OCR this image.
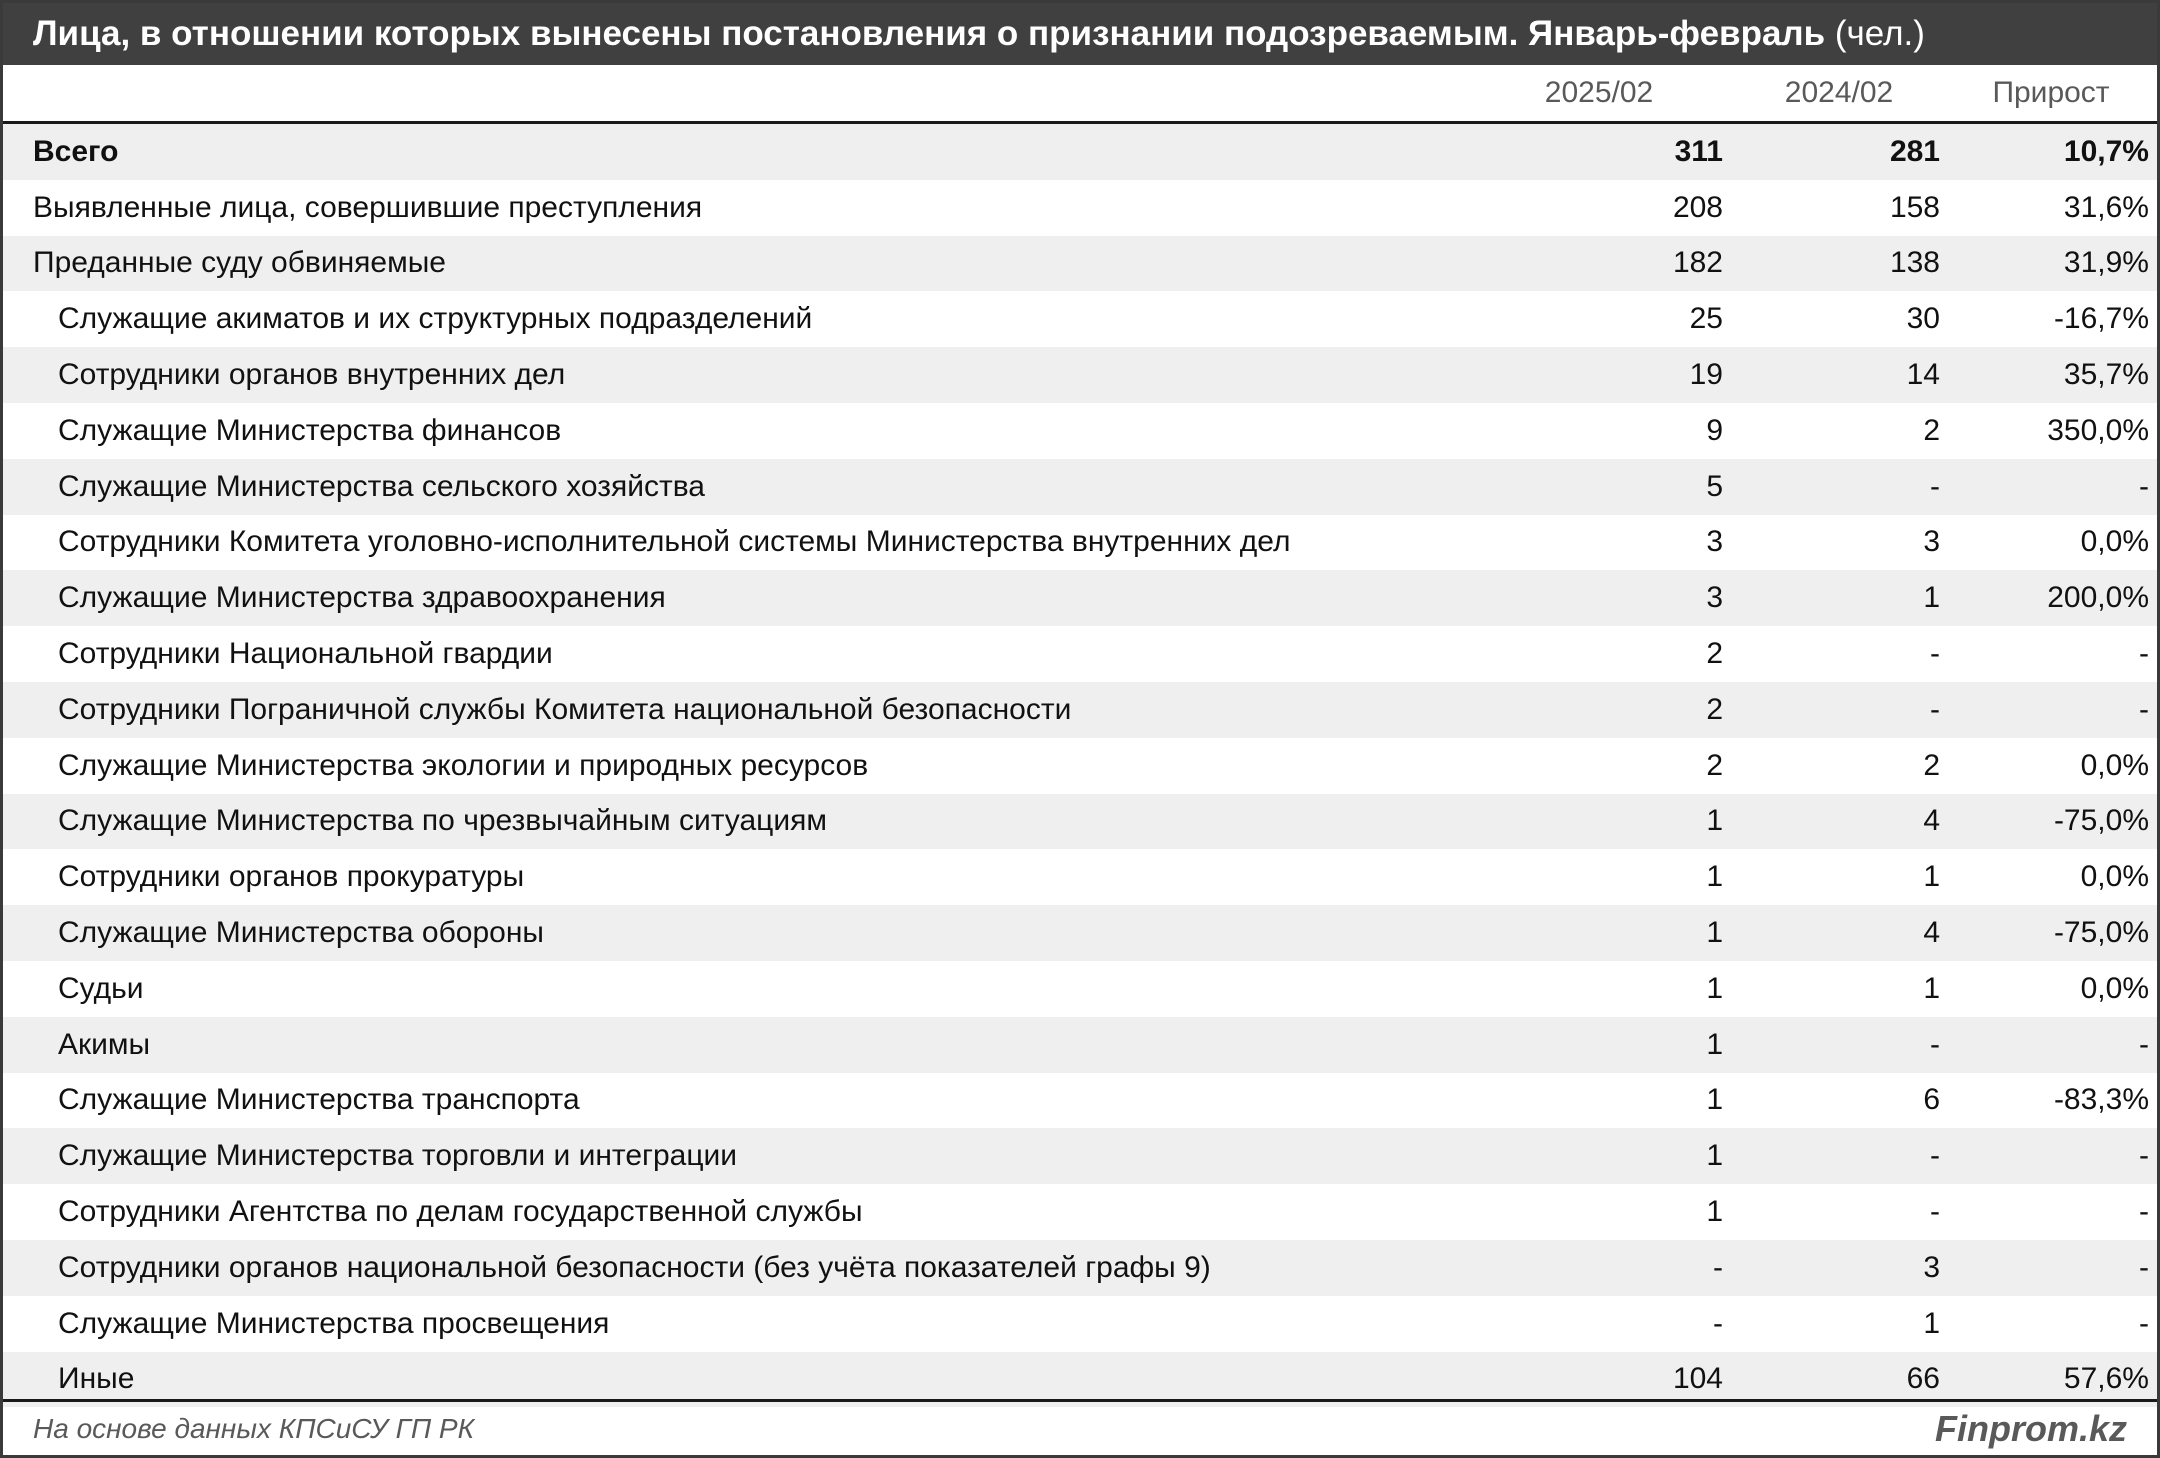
Лица, в отношении которых вынесены постановления о признании подозреваемым. Январь-февраль
(чел.)
2025/02	2024/02	Прирост
Всего	311	281	10,7%
Выявленные лица, совершившие преступления	208	158	31,6%
Преданные суду обвиняемые	182	138	31,9%
Служащие акиматов и их структурных подразделений	25	30	-16,7%
Сотрудники органов внутренних дел	19	14	35,7%
Служащие Министерства финансов	9	2	350,0%
Служащие Министерства сельского хозяйства	5	-	-
Сотрудники Комитета уголовно-исполнительной системы Министерства внутренних дел	3	3	0,0%
Служащие Министерства здравоохранения	3	1	200,0%
Сотрудники Национальной гвардии	2	-	-
Сотрудники Пограничной службы Комитета национальной безопасности	2	-	-
Служащие Министерства экологии и природных ресурсов	2	2	0,0%
Служащие Министерства по чрезвычайным ситуациям	1	4	-75,0%
Сотрудники органов прокуратуры	1	1	0,0%
Служащие Министерства обороны	1	4	-75,0%
Судьи	1	1	0,0%
Акимы	1	-	-
Служащие Министерства транспорта	1	6	-83,3%
Служащие Министерства торговли и интеграции	1	-	-
Сотрудники Агентства по делам государственной службы	1	-	-
Сотрудники органов национальной безопасности (без учёта показателей графы 9)	-	3	-
Служащие Министерства просвещения	-	1	-
Иные	104	66	57,6%
На основе данных КПСиСУ ГП РК	Finprom.kz
